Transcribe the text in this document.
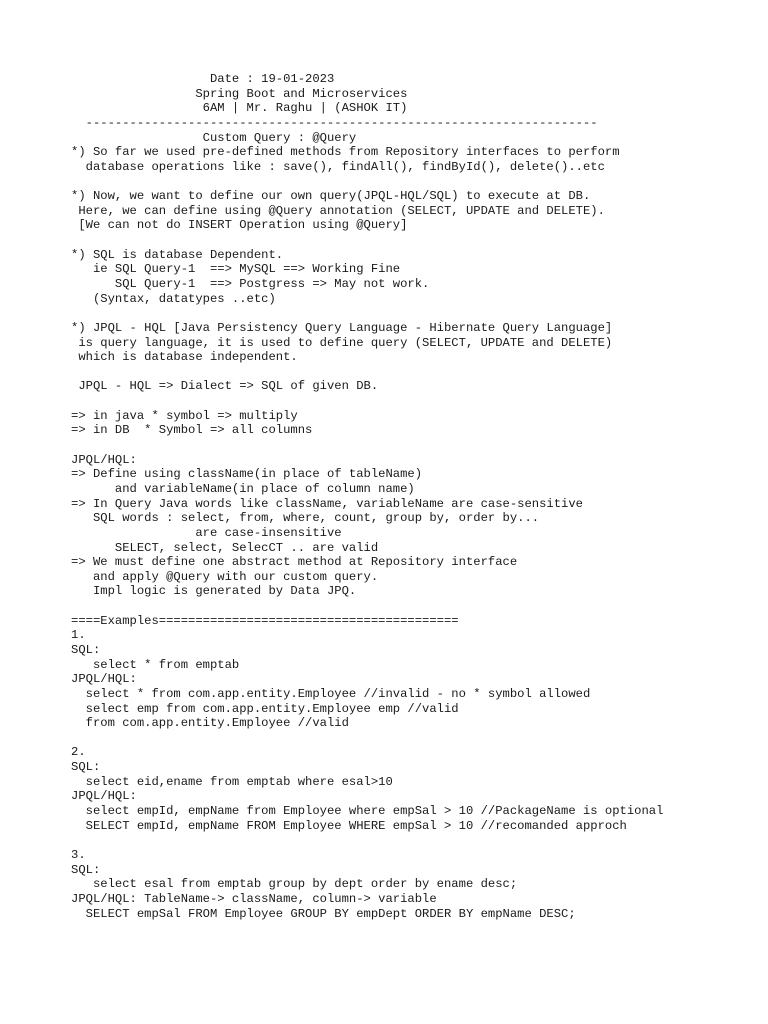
Date : 19-01-2023
Spring Boot and Microservices
6AM | Mr. Raghu | (ASHOK IT)
----------------------------------------------------------------------
Custom Query : @Query
*) So far we used pre-defined methods from Repository interfaces to perform
database operations like : save(), findAll(), findById(), delete()..etc
*) Now, we want to define our own query(JPQL-HQL/SQL) to execute at DB.
Here, we can define using @Query annotation (SELECT, UPDATE and DELETE).
[We can not do INSERT Operation using @Query]
*) SQL is database Dependent.
ie SQL Query-1  ==> MySQL ==> Working Fine
SQL Query-1  ==> Postgress => May not work.
(Syntax, datatypes ..etc)
*) JPQL - HQL [Java Persistency Query Language - Hibernate Query Language]
is query language, it is used to define query (SELECT, UPDATE and DELETE)
which is database independent.
JPQL - HQL => Dialect => SQL of given DB.
=> in java * symbol => multiply
=> in DB  * Symbol => all columns
JPQL/HQL:
=> Define using className(in place of tableName)
and variableName(in place of column name)
=> In Query Java words like className, variableName are case-sensitive
SQL words : select, from, where, count, group by, order by...
are case-insensitive
SELECT, select, SelecCT .. are valid
=> We must define one abstract method at Repository interface
and apply @Query with our custom query.
Impl logic is generated by Data JPQ.
====Examples=========================================
1.
SQL:
select * from emptab
JPQL/HQL:
select * from com.app.entity.Employee //invalid - no * symbol allowed
select emp from com.app.entity.Employee emp //valid
from com.app.entity.Employee //valid
2.
SQL:
select eid,ename from emptab where esal>10
JPQL/HQL:
select empId, empName from Employee where empSal > 10 //PackageName is optional
SELECT empId, empName FROM Employee WHERE empSal > 10 //recomanded approch
3.
SQL:
select esal from emptab group by dept order by ename desc;
JPQL/HQL: TableName-> className, column-> variable
SELECT empSal FROM Employee GROUP BY empDept ORDER BY empName DESC;
